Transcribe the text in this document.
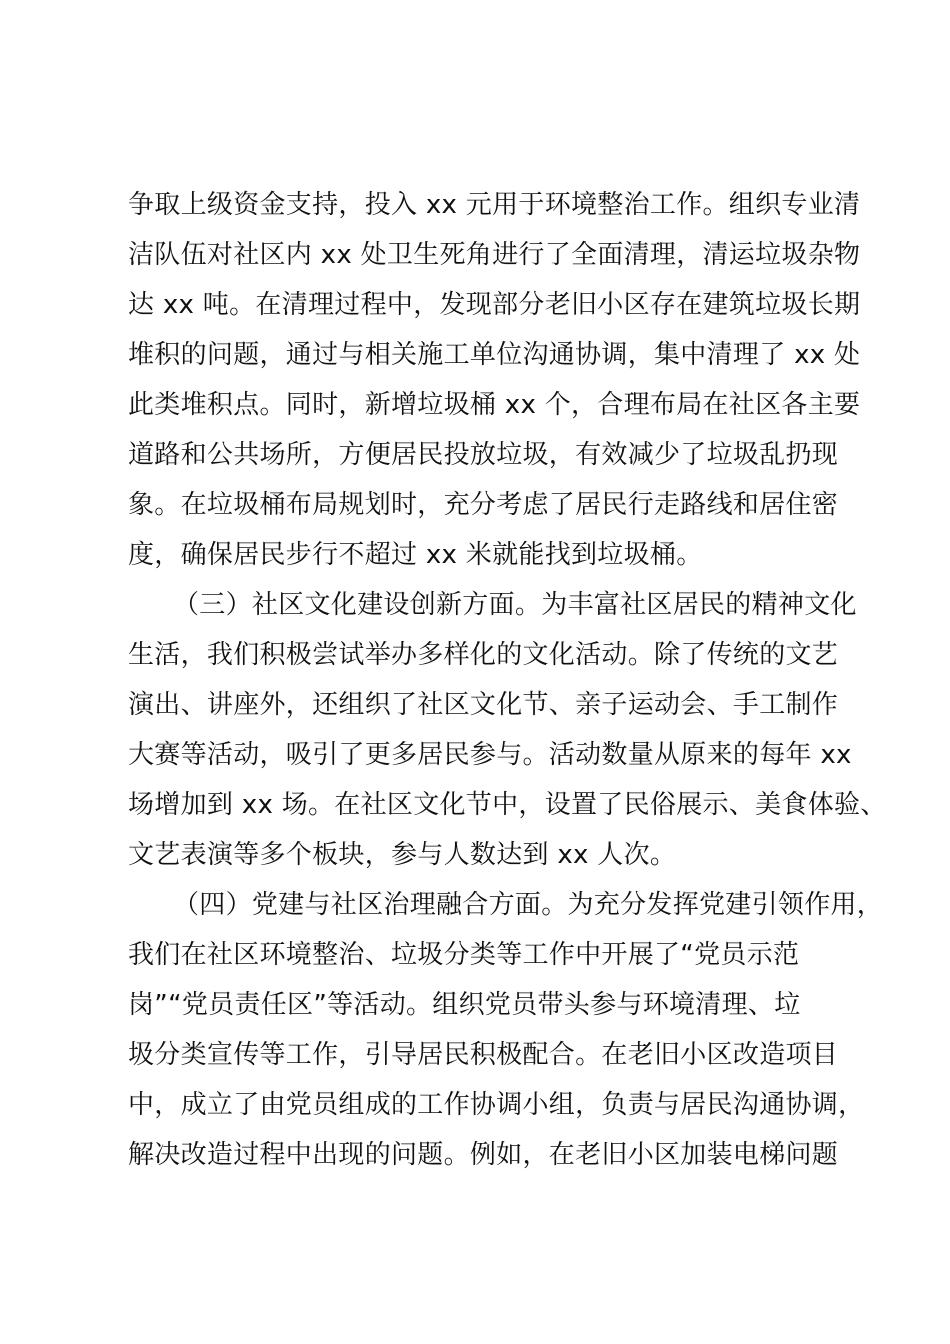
争取上级资金支持，投入 xx 元用于环境整治工作。组织专业清
洁队伍对社区内 xx 处卫生死角进行了全面清理，清运垃圾杂物
达 xx 吨。在清理过程中，发现部分老旧小区存在建筑垃圾长期
堆积的问题，通过与相关施工单位沟通协调，集中清理了 xx 处
此类堆积点。同时，新增垃圾桶 xx 个，合理布局在社区各主要
道路和公共场所，方便居民投放垃圾，有效减少了垃圾乱扔现
象。在垃圾桶布局规划时，充分考虑了居民行走路线和居住密
度，确保居民步行不超过 xx 米就能找到垃圾桶。
（三）社区文化建设创新方面。为丰富社区居民的精神文化
生活，我们积极尝试举办多样化的文化活动。除了传统的文艺
演出、讲座外，还组织了社区文化节、亲子运动会、手工制作
大赛等活动，吸引了更多居民参与。活动数量从原来的每年 xx
场增加到 xx 场。在社区文化节中，设置了民俗展示、美食体验、
文艺表演等多个板块，参与人数达到 xx 人次。
（四）党建与社区治理融合方面。为充分发挥党建引领作用，
我们在社区环境整治、垃圾分类等工作中开展了“党员示范
岗”“党员责任区”等活动。组织党员带头参与环境清理、垃
圾分类宣传等工作，引导居民积极配合。在老旧小区改造项目
中，成立了由党员组成的工作协调小组，负责与居民沟通协调，
解决改造过程中出现的问题。例如，在老旧小区加装电梯问题
